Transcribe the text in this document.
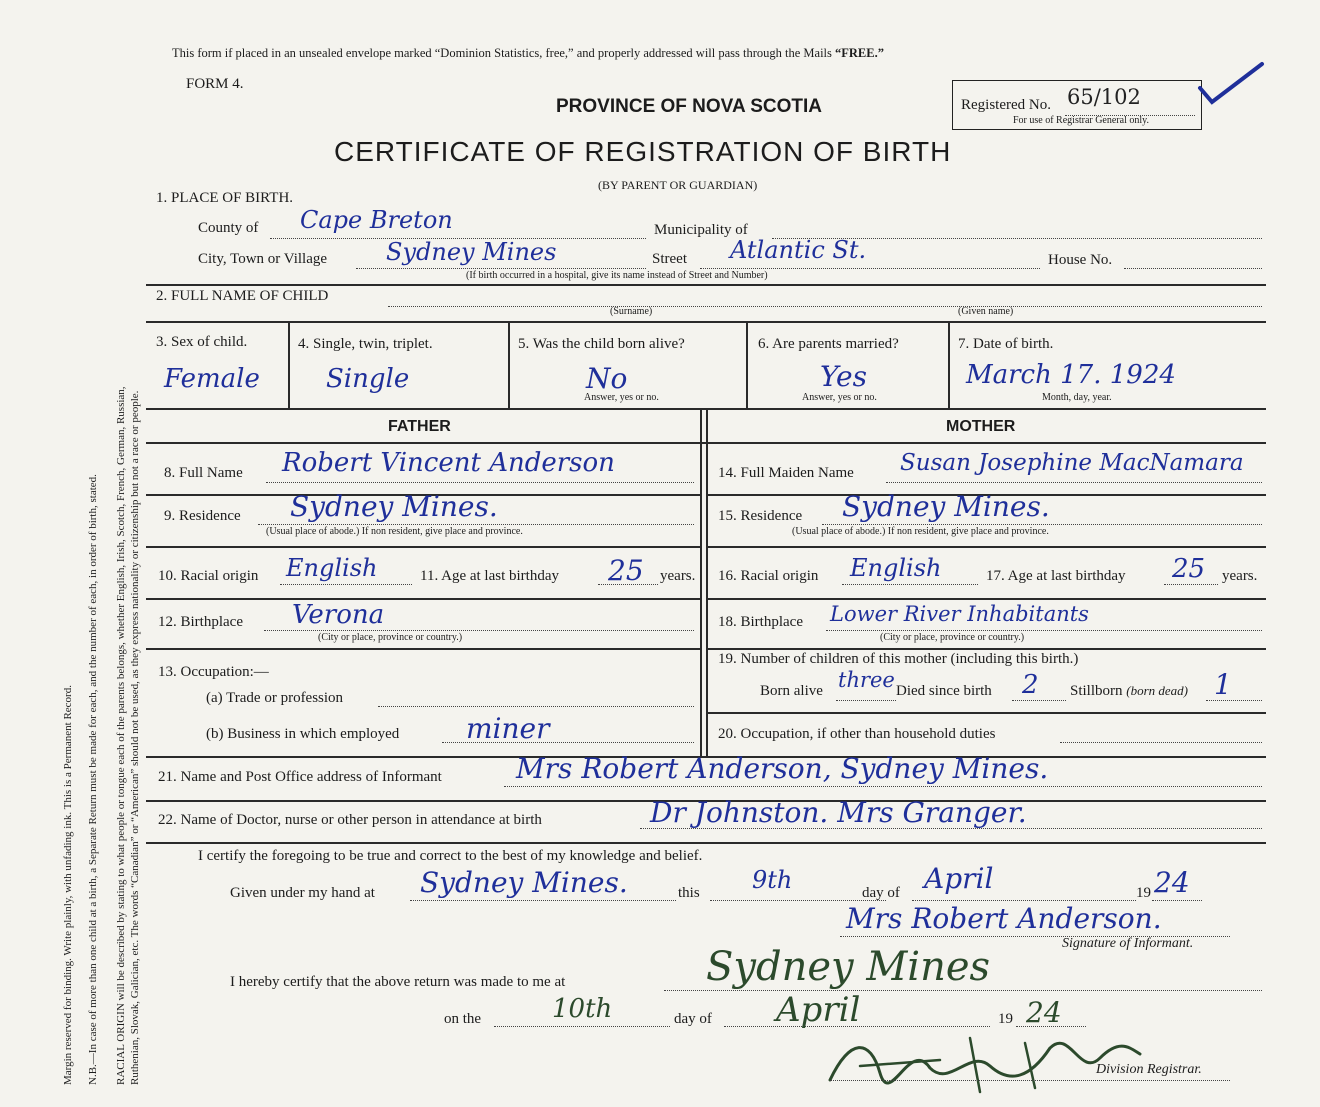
RACIAL ORIGIN will be described by stating to what people or tongue each of the parents belongs, whether English, Irish, Scotch, French, German, Russian, Ruthenian, Slovak, Galician, etc. The words “Canadian” or “American” should not be used, as they express nationality or citizenship but not a race or people.
N.B.—In case of more than one child at a birth, a Separate Return must be made for each, and the number of each, in order of birth, stated.
Margin reserved for binding. Write plainly, with unfading ink. This is a Permanent Record.
This form if placed in an unsealed envelope marked “Dominion Statistics, free,” and properly addressed will pass through the Mails “FREE.”
FORM 4.
PROVINCE OF NOVA SCOTIA	Registered No. 65/102
For use of Registrar General only.
CERTIFICATE OF REGISTRATION OF BIRTH
(BY PARENT OR GUARDIAN)
1. PLACE OF BIRTH.
County of Cape Breton	Municipality of
City, Town or Village Sydney Mines	Street Atlantic St.	House No.
(If birth occurred in a hospital, give its name instead of Street and Number)
2. FULL NAME OF CHILD
(Surname)	(Given name)
3. Sex of child.
Female
4. Single, twin, triplet.
Single
5. Was the child born alive?
No
Answer, yes or no.
6. Are parents married?
Yes
Answer, yes or no.
7. Date of birth.
March 17. 1924
Month, day, year.
FATHER	MOTHER
8. Full Name Robert Vincent Anderson
9. Residence Sydney Mines.
(Usual place of abode.) If non resident, give place and province.
10. Racial origin English	11. Age at last birthday 25 years.
12. Birthplace Verona
(City or place, province or country.)
13. Occupation:—
(a) Trade or profession
(b) Business in which employed miner
14. Full Maiden Name Susan Josephine MacNamara
15. Residence Sydney Mines.
(Usual place of abode.) If non resident, give place and province.
16. Racial origin English	17. Age at last birthday 25 years.
18. Birthplace Lower River Inhabitants
(City or place, province or country.)
19. Number of children of this mother (including this birth.)
Born alive three Died since birth 2 Stillborn (born dead) 1
20. Occupation, if other than household duties
21. Name and Post Office address of Informant	Mrs Robert Anderson, Sydney Mines.
22. Name of Doctor, nurse or other person in attendance at birth	Dr Johnston. Mrs Granger.
I certify the foregoing to be true and correct to the best of my knowledge and belief.
Given under my hand at Sydney Mines.	this 9th	day of April	19 24
Mrs Robert Anderson.
Signature of Informant.
I hereby certify that the above return was made to me at	Sydney Mines
on the	10th	day of April	19 24
Division Registrar.
